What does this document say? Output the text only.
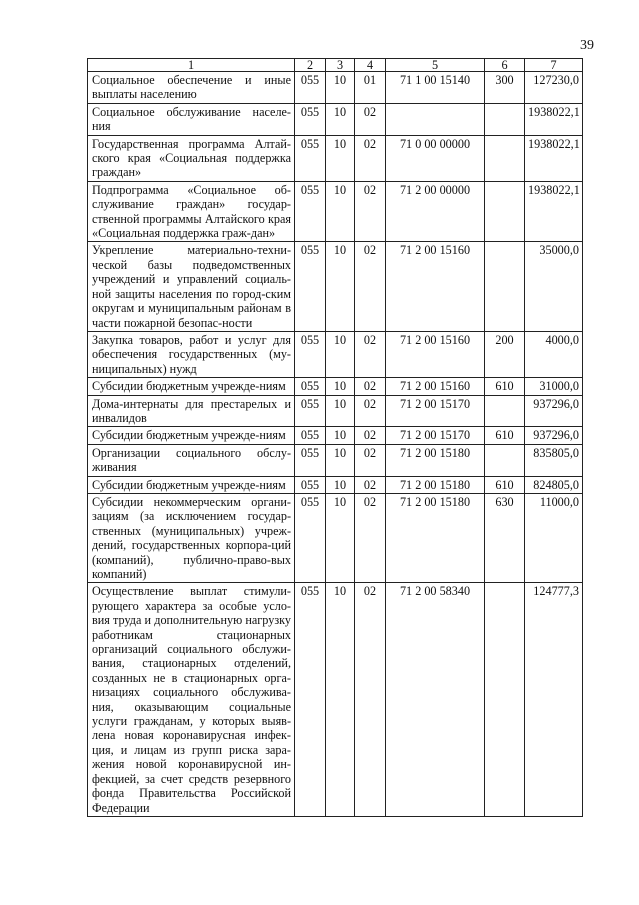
39
1	2	3	4	5	6	7
Социальное обеспечение и иные выплаты населению	055	10	01	71 1 00 15140	300	127230,0
Социальное обслуживание населе-ния	055	10	02			1938022,1
Государственная программа Алтай-ского края «Социальная поддержка граждан»	055	10	02	71 0 00 00000		1938022,1
Подпрограмма «Социальное об-служивание граждан» государ-ственной программы Алтайского края «Социальная поддержка граж-дан»	055	10	02	71 2 00 00000		1938022,1
Укрепление материально-техни-ческой базы подведомственных учреждений и управлений социаль-ной защиты населения по город-ским округам и муниципальным районам в части пожарной безопас-ности	055	10	02	71 2 00 15160		35000,0
Закупка товаров, работ и услуг для обеспечения государственных (му-ниципальных) нужд	055	10	02	71 2 00 15160	200	4000,0
Субсидии бюджетным учрежде-ниям	055	10	02	71 2 00 15160	610	31000,0
Дома-интернаты для престарелых и инвалидов	055	10	02	71 2 00 15170		937296,0
Субсидии бюджетным учрежде-ниям	055	10	02	71 2 00 15170	610	937296,0
Организации социального обслу-живания	055	10	02	71 2 00 15180		835805,0
Субсидии бюджетным учрежде-ниям	055	10	02	71 2 00 15180	610	824805,0
Субсидии некоммерческим органи-зациям (за исключением государ-ственных (муниципальных) учреж-дений, государственных корпора-ций (компаний), публично-право-вых компаний)	055	10	02	71 2 00 15180	630	11000,0
Осуществление выплат стимули-рующего характера за особые усло-вия труда и дополнительную нагрузку работникам стационарных организаций социального обслужи-вания, стационарных отделений, созданных не в стационарных орга-низациях социального обслужива-ния, оказывающим социальные услуги гражданам, у которых выяв-лена новая коронавирусная инфек-ция, и лицам из групп риска зара-жения новой коронавирусной ин-фекцией, за счет средств резервного фонда Правительства Российской Федерации	055	10	02	71 2 00 58340		124777,3
